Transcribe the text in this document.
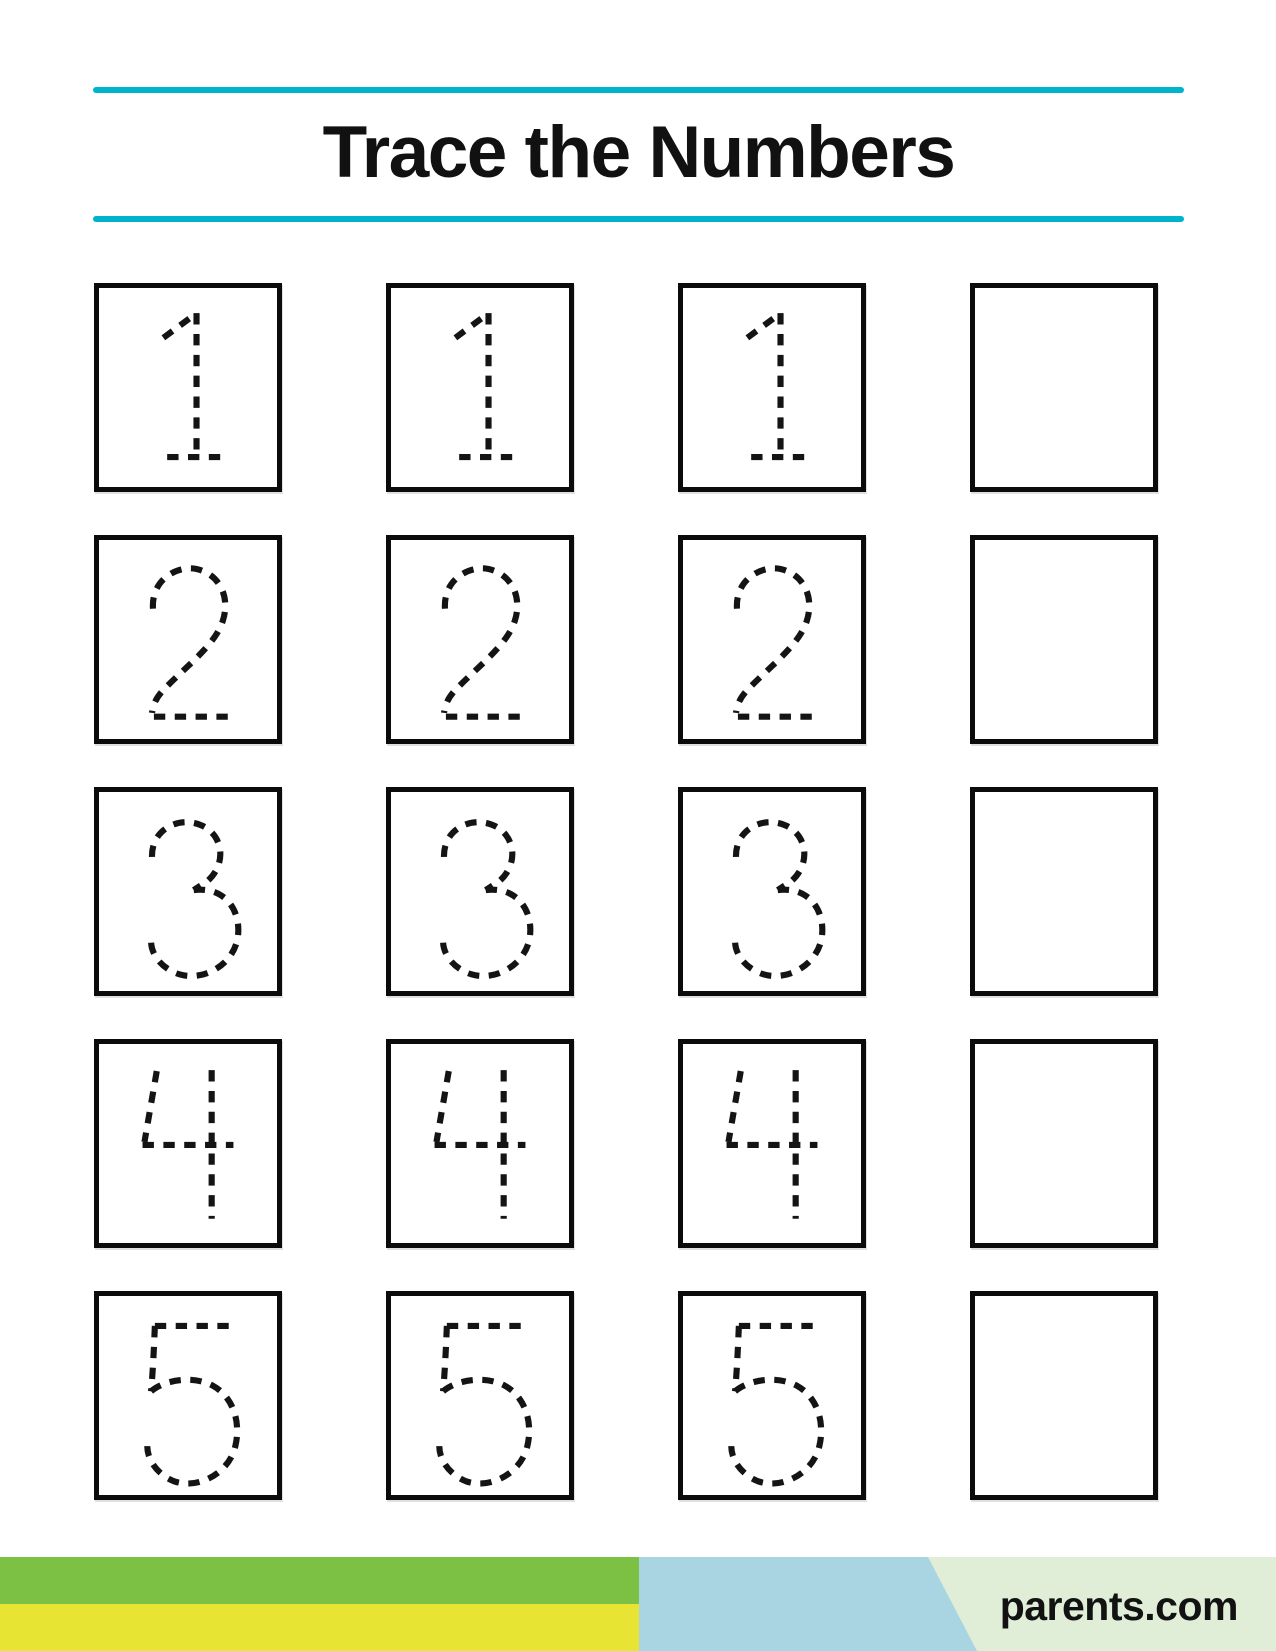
Trace the Numbers
parents.com
